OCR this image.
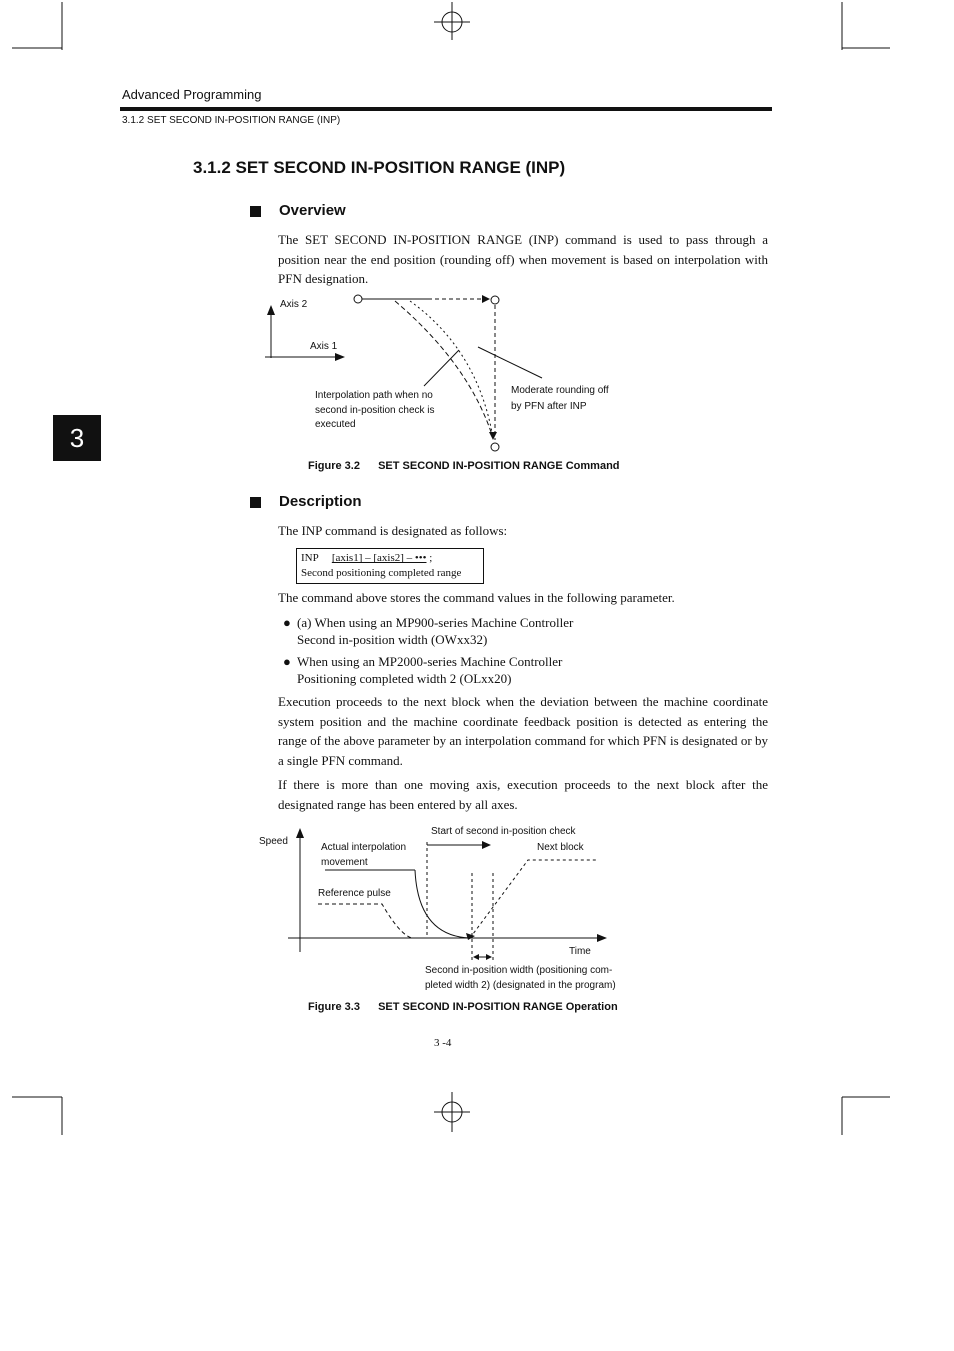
Advanced Programming
3.1.2 SET SECOND IN-POSITION RANGE (INP)
3
3.1.2 SET SECOND IN-POSITION RANGE (INP)
Overview

The SET SECOND IN-POSITION RANGE (INP) command is used to pass through a position near the end position (rounding off) when movement is based on interpolation with PFN designation.

Axis 2
Axis 1
Interpolation path when no
second in-position check is
executed
Moderate rounding off
by PFN after INP
Figure 3.2 SET SECOND IN-POSITION RANGE Command
Description
The INP command is designated as follows:
INP [axis1] – [axis2] – ••• ;
Second positioning completed range
The command above stores the command values in the following parameter.
● (a) When using an MP900-series Machine Controller
Second in-position width (OWxx32)
● When using an MP2000-series Machine Controller
Positioning completed width 2 (OLxx20)

Execution proceeds to the next block when the deviation between the machine coordinate system position and the machine coordinate feedback position is detected as entering the range of the above parameter by an interpolation command for which PFN is designated or by a single PFN command.

If there is more than one moving axis, execution proceeds to the next block after the designated range has been entered by all axes.

Speed
Actual interpolation
movement
Reference pulse
Start of second in-position check
Next block
Time
Second in-position width (positioning com-
pleted width 2) (designated in the program)
Figure 3.3 SET SECOND IN-POSITION RANGE Operation
3 -4
